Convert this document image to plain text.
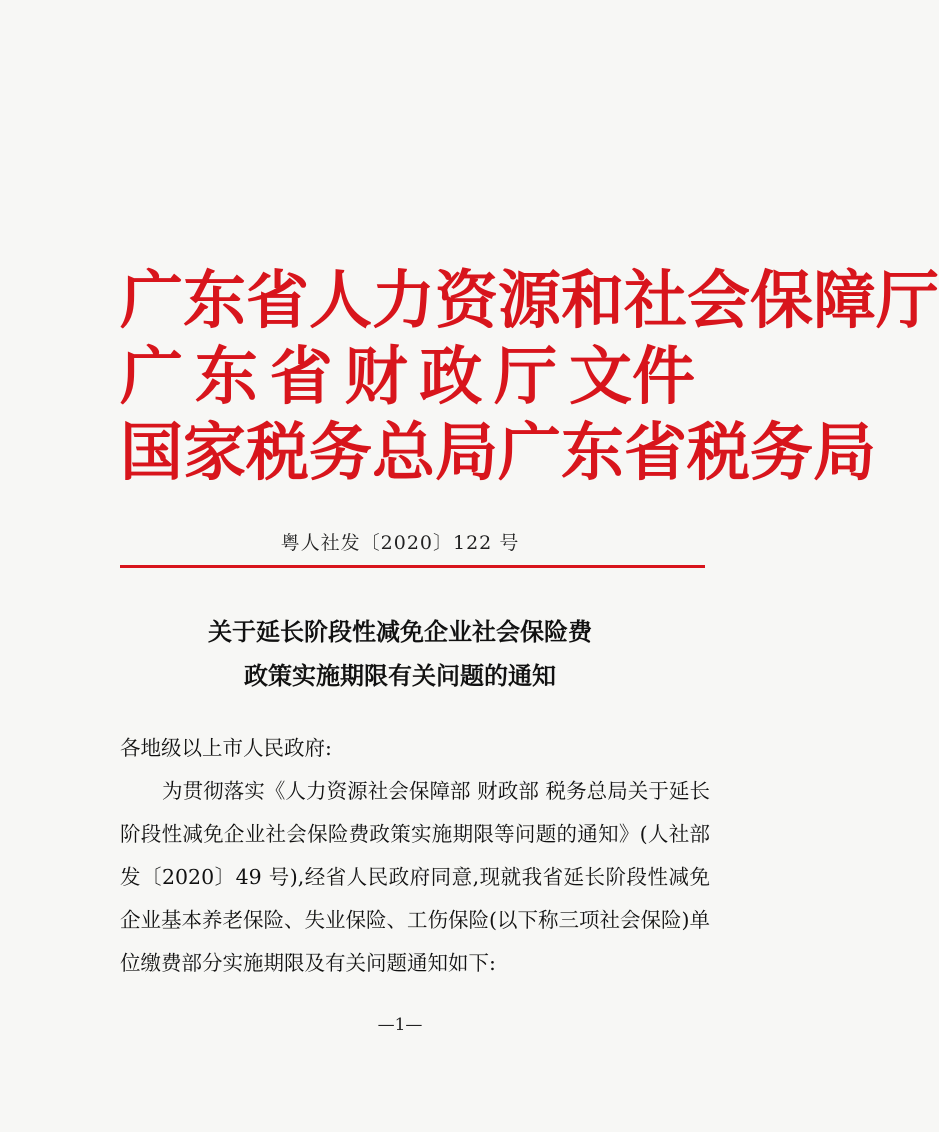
广东省人力资源和社会保障厅
广 东 省 财 政 厅 文件
国家税务总局广东省税务局
粤人社发〔2020〕122 号
关于延长阶段性减免企业社会保险费
政策实施期限有关问题的通知

各地级以上市人民政府:

为贯彻落实《人力资源社会保障部 财政部 税务总局关于延长阶段性减免企业社会保险费政策实施期限等问题的通知》(人社部发〔2020〕49 号),经省人民政府同意,现就我省延长阶段性减免企业基本养老保险、失业保险、工伤保险(以下称三项社会保险)单位缴费部分实施期限及有关问题通知如下:

—1—
